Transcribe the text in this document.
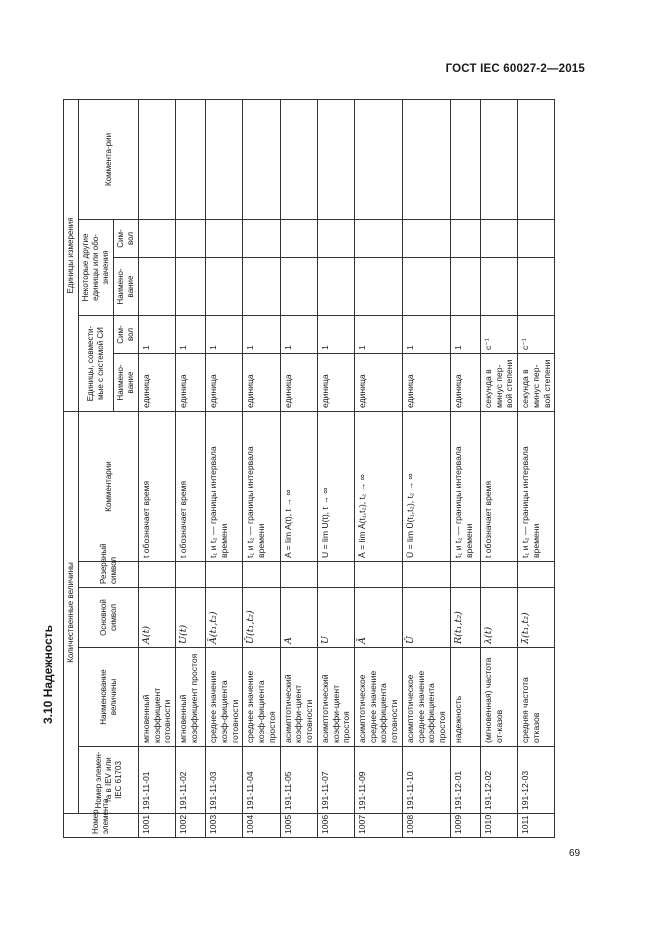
ГОСТ IEC 60027-2—2015
3.10 Надежность
Номер элемента	Количественные величины					Единицы измерения				
	Номер элемен-та в IEV или IEC 61703	Наименование величины	Основной символ	Резервный символ	Комментарии	Единицы, совмести-мые с системой СИ		Некоторые другие единицы или обо-значения		Коммента-рии
						Наимено-вание	Сим-вол	Наимено-вание	Сим-вол	
1001	191-11-01	мгновенный коэффициент готовности	A(t)		t обозначает время	единица	1			
1002	191-11-02	мгновенный коэффициент простоя	U(t)		t обозначает время	единица	1			
1003	191-11-03	среднее значение коэф-фициента готовности	Ā(t₁,t₂)		t₁ и t₂ — границы интервала времени	единица	1			
1004	191-11-04	среднее значение коэф-фициента простоя	Ū(t₁,t₂)		t₁ и t₂ — границы интервала времени	единица	1			
1005	191-11-05	асимптотический коэффи-циент готовности	A		A = lim A(t), t → ∞	единица	1			
1006	191-11-07	асимптотический коэффи-циент простоя	U		U = lim U(t), t → ∞	единица	1			
1007	191-11-09	асимптотическое среднее значение коэффициента готовности	Ā		Ā = lim Ā(t₁,t₂), t₂ → ∞	единица	1			
1008	191-11-10	асимптотическое среднее значение коэффициента простоя	Ū		Ū = lim Ū(t₁,t₂), t₂ → ∞	единица	1			
1009	191-12-01	надежность	R(t₁,t₂)		t₁ и t₂ — границы интервала времени	единица	1			
1010	191-12-02	(мгновенная) частота от-казов	λ(t)		t обозначает время	секунда в минус пер-вой степени	с⁻¹			
1011	191-12-03	средняя частота отказов	λ̄(t₁,t₂)		t₁ и t₂ — границы интервала времени	секунда в минус пер-вой степени	с⁻¹			
69
